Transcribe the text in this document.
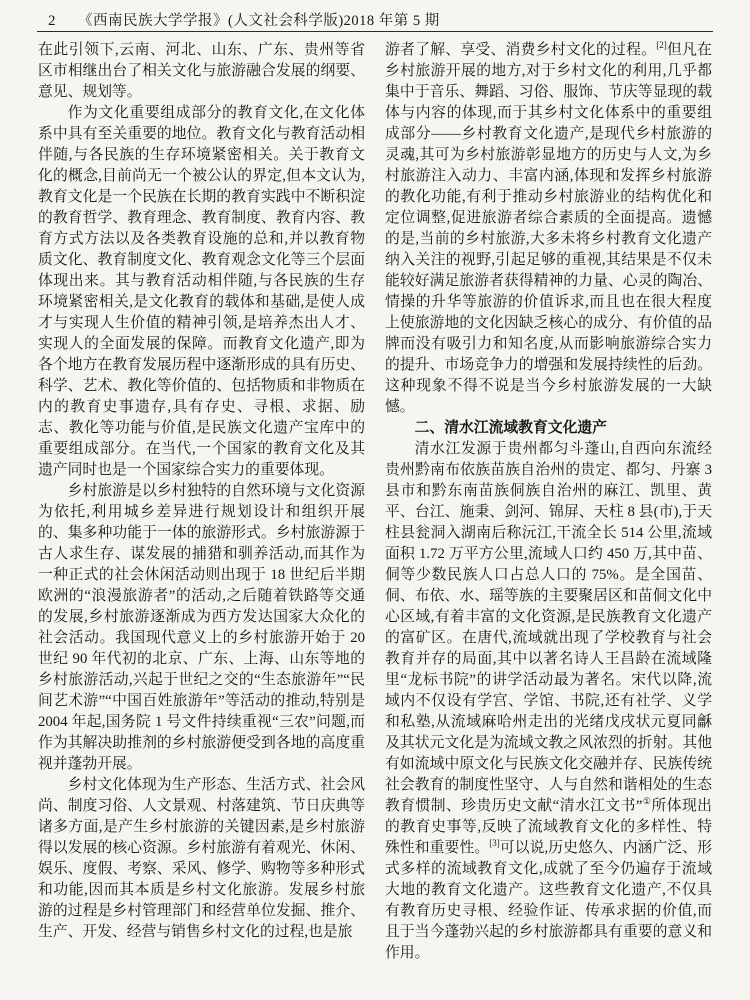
2 《西南民族大学学报》(人文社会科学版)2018 年第 5 期

在此引领下,云南、河北、山东、广东、贵州等省区市相继出台了相关文化与旅游融合发展的纲要、意见、规划等。

作为文化重要组成部分的教育文化,在文化体系中具有至关重要的地位。教育文化与教育活动相伴随,与各民族的生存环境紧密相关。关于教育文化的概念,目前尚无一个被公认的界定,但本文认为,教育文化是一个民族在长期的教育实践中不断积淀的教育哲学、教育理念、教育制度、教育内容、教育方式方法以及各类教育设施的总和,并以教育物质文化、教育制度文化、教育观念文化等三个层面体现出来。其与教育活动相伴随,与各民族的生存环境紧密相关,是文化教育的载体和基础,是使人成才与实现人生价值的精神引领,是培养杰出人才、实现人的全面发展的保障。而教育文化遗产,即为各个地方在教育发展历程中逐渐形成的具有历史、科学、艺术、教化等价值的、包括物质和非物质在内的教育史事遗存,具有存史、寻根、求据、励志、教化等功能与价值,是民族文化遗产宝库中的重要组成部分。在当代,一个国家的教育文化及其遗产同时也是一个国家综合实力的重要体现。

乡村旅游是以乡村独特的自然环境与文化资源为依托,利用城乡差异进行规划设计和组织开展的、集多种功能于一体的旅游形式。乡村旅游源于古人求生存、谋发展的捕猎和驯养活动,而其作为一种正式的社会休闲活动则出现于 18 世纪后半期欧洲的“浪漫旅游者”的活动,之后随着铁路等交通的发展,乡村旅游逐渐成为西方发达国家大众化的社会活动。我国现代意义上的乡村旅游开始于 20 世纪 90 年代初的北京、广东、上海、山东等地的乡村旅游活动,兴起于世纪之交的“生态旅游年”“民间艺术游”“中国百姓旅游年”等活动的推动,特别是 2004 年起,国务院 1 号文件持续重视“三农”问题,而作为其解决助推剂的乡村旅游便受到各地的高度重视并蓬勃开展。

乡村文化体现为生产形态、生活方式、社会风尚、制度习俗、人文景观、村落建筑、节日庆典等诸多方面,是产生乡村旅游的关键因素,是乡村旅游得以发展的核心资源。乡村旅游有着观光、休闲、娱乐、度假、考察、采风、修学、购物等多种形式和功能,因而其本质是乡村文化旅游。发展乡村旅游的过程是乡村管理部门和经营单位发掘、推介、生产、开发、经营与销售乡村文化的过程,也是旅

游者了解、享受、消费乡村文化的过程。[2]但凡在乡村旅游开展的地方,对于乡村文化的利用,几乎都集中于音乐、舞蹈、习俗、服饰、节庆等显现的载体与内容的体现,而于其乡村文化体系中的重要组成部分——乡村教育文化遗产,是现代乡村旅游的灵魂,其可为乡村旅游彰显地方的历史与人文,为乡村旅游注入动力、丰富内涵,体现和发挥乡村旅游的教化功能,有利于推动乡村旅游业的结构优化和定位调整,促进旅游者综合素质的全面提高。遗憾的是,当前的乡村旅游,大多未将乡村教育文化遗产纳入关注的视野,引起足够的重视,其结果是不仅未能较好满足旅游者获得精神的力量、心灵的陶冶、情操的升华等旅游的价值诉求,而且也在很大程度上使旅游地的文化因缺乏核心的成分、有价值的品牌而没有吸引力和知名度,从而影响旅游综合实力的提升、市场竞争力的增强和发展持续性的后劲。这种现象不得不说是当今乡村旅游发展的一大缺憾。

二、清水江流域教育文化遗产

清水江发源于贵州都匀斗蓬山,自西向东流经贵州黔南布依族苗族自治州的贵定、都匀、丹寨 3 县市和黔东南苗族侗族自治州的麻江、凯里、黄平、台江、施秉、剑河、锦屏、天柱 8 县(市),于天柱县瓮洞入湖南后称沅江,干流全长 514 公里,流域面积 1.72 万平方公里,流域人口约 450 万,其中苗、侗等少数民族人口占总人口的 75%。是全国苗、侗、布依、水、瑶等族的主要聚居区和苗侗文化中心区域,有着丰富的文化资源,是民族教育文化遗产的富矿区。在唐代,流域就出现了学校教育与社会教育并存的局面,其中以著名诗人王昌龄在流域隆里“龙标书院”的讲学活动最为著名。宋代以降,流域内不仅设有学宫、学馆、书院,还有社学、义学和私塾,从流域麻哈州走出的光绪戊戌状元夏同龢及其状元文化是为流域文教之风浓烈的折射。其他有如流域中原文化与民族文化交融并存、民族传统社会教育的制度性坚守、人与自然和谐相处的生态教育惯制、珍贵历史文献“清水江文书”①所体现出的教育史事等,反映了流域教育文化的多样性、特殊性和重要性。[3]可以说,历史悠久、内涵广泛、形式多样的流域教育文化,成就了至今仍遍存于流域大地的教育文化遗产。这些教育文化遗产,不仅具有教育历史寻根、经验作证、传承求据的价值,而且于当今蓬勃兴起的乡村旅游都具有重要的意义和作用。
